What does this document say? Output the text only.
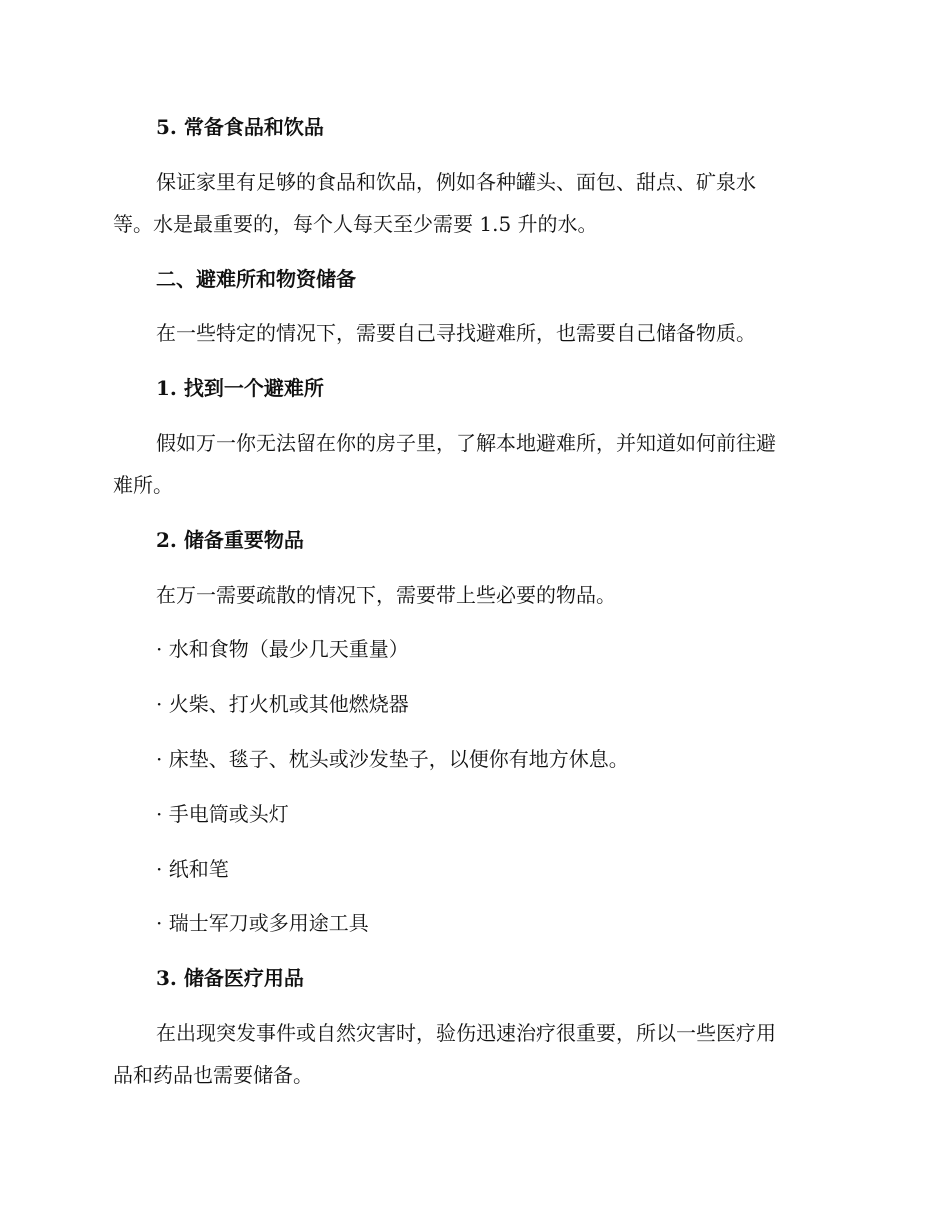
5. 常备食品和饮品
保证家里有足够的食品和饮品，例如各种罐头、面包、甜点、矿泉水
等。水是最重要的，每个人每天至少需要 1.5 升的水。
二、避难所和物资储备
在一些特定的情况下，需要自己寻找避难所，也需要自己储备物质。
1. 找到一个避难所
假如万一你无法留在你的房子里，了解本地避难所，并知道如何前往避
难所。
2. 储备重要物品
在万一需要疏散的情况下，需要带上些必要的物品。
· 水和食物（最少几天重量）
· 火柴、打火机或其他燃烧器
· 床垫、毯子、枕头或沙发垫子，以便你有地方休息。
· 手电筒或头灯
· 纸和笔
· 瑞士军刀或多用途工具
3. 储备医疗用品
在出现突发事件或自然灾害时，验伤迅速治疗很重要，所以一些医疗用
品和药品也需要储备。
